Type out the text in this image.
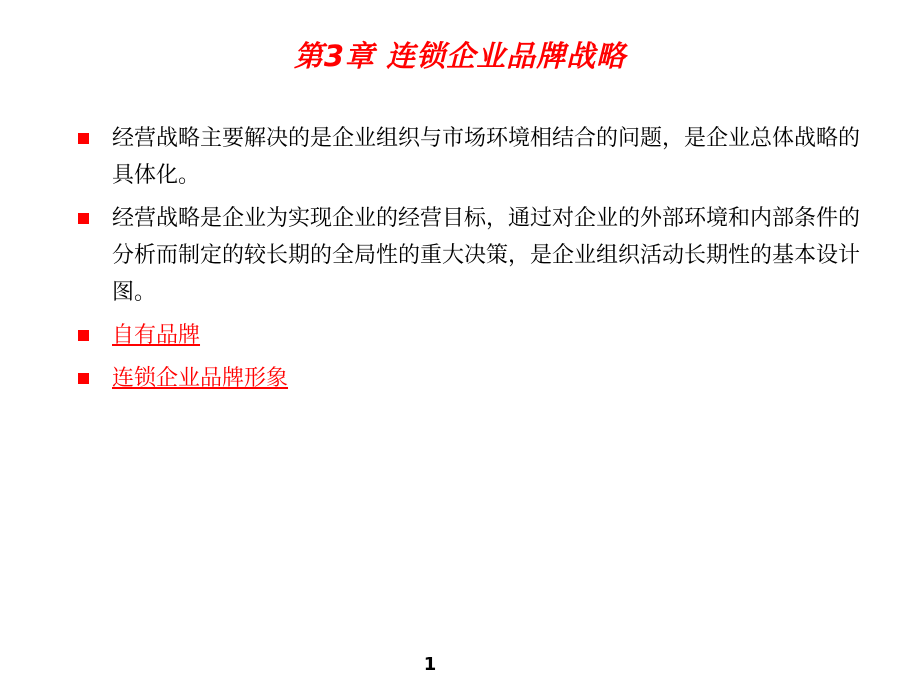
第3章 连锁企业品牌战略
经营战略主要解决的是企业组织与市场环境相结合的问题，是企业总体战略的具体化。
经营战略是企业为实现企业的经营目标，通过对企业的外部环境和内部条件的分析而制定的较长期的全局性的重大决策，是企业组织活动长期性的基本设计图。
自有品牌
连锁企业品牌形象
1
